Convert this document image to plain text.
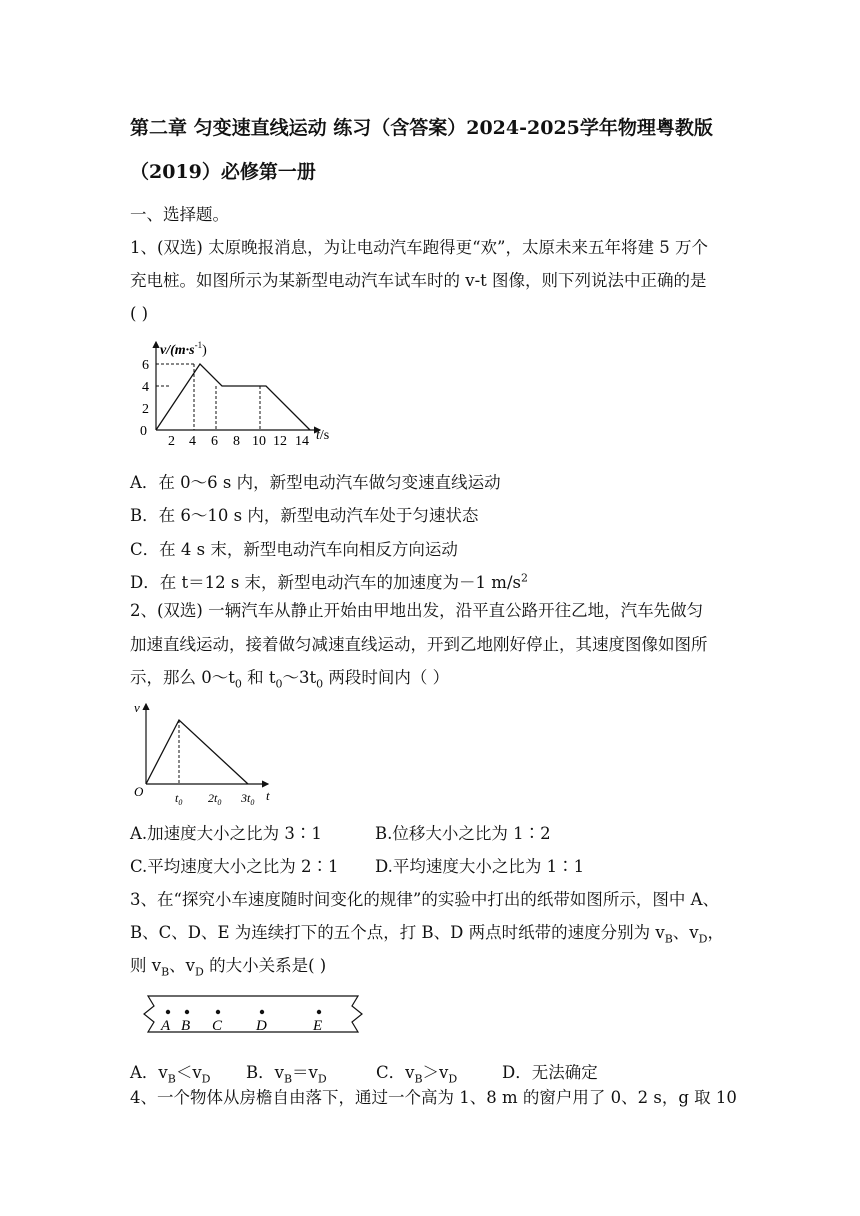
第二章 匀变速直线运动 练习（含答案）2024-2025学年物理粤教版
（2019）必修第一册
一、选择题。
1、(双选) 太原晚报消息，为让电动汽车跑得更“欢”，太原未来五年将建 5 万个
充电桩。如图所示为某新型电动汽车试车时的 v-t 图像，则下列说法中正确的是
( )
6
4
2
0
2 4 6 8 10 12 14
$v/(m\cdot s^{-1})$
t/s
A．在 0～6 s 内，新型电动汽车做匀变速直线运动
B．在 6～10 s 内，新型电动汽车处于匀速状态
C．在 4 s 末，新型电动汽车向相反方向运动
D．在 t＝12 s 末，新型电动汽车的加速度为－1 $m/s^2$
2、(双选) 一辆汽车从静止开始由甲地出发，沿平直公路开往乙地，汽车先做匀
加速直线运动，接着做匀减速直线运动，开到乙地刚好停止，其速度图像如图所
示，那么 $0\sim t_0$ 和 $t_0\sim 3t_0$ 两段时间内（ ）
v
O	t
$t_0$ $2t_0$ $3t_0$
A.加速度大小之比为 3∶1	B.位移大小之比为 1∶2
C.平均速度大小之比为 2∶1 D.平均速度大小之比为 1∶1
3、在“探究小车速度随时间变化的规律”的实验中打出的纸带如图所示，图中 A、
B、C、D、E 为连续打下的五个点，打 B、D 两点时纸带的速度分别为 $v_B$、$v_D$，
则 $v_B$、$v_D$ 的大小关系是( )
A B C D	E
A．$v_B<v_D$ B．$v_B=v_D$	C．$v_B>v_D$	D．无法确定
4、一个物体从房檐自由落下，通过一个高为 1、8 m 的窗户用了 0、2 s，g 取 10
